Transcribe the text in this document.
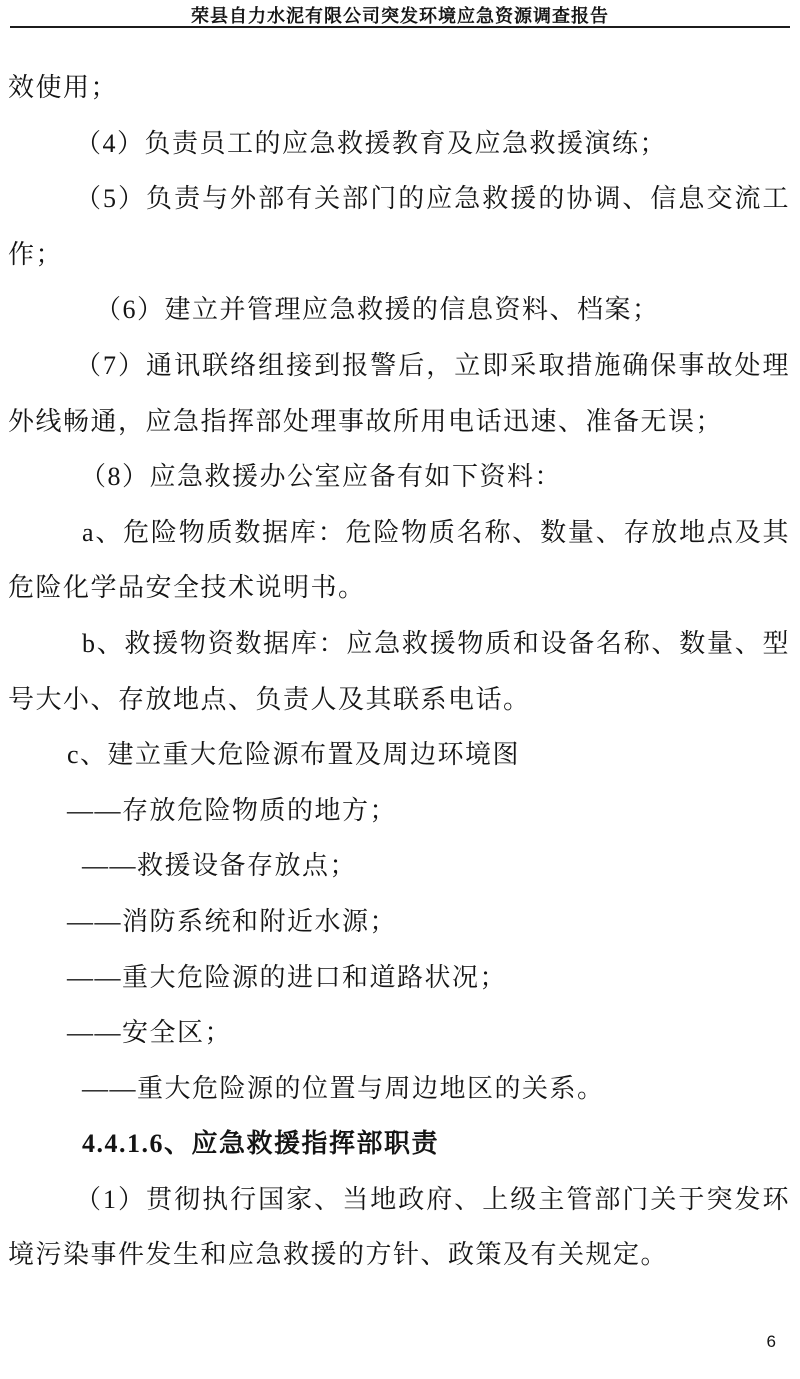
荣县自力水泥有限公司突发环境应急资源调查报告
效使用；
（4）负责员工的应急救援教育及应急救援演练；
（5）负责与外部有关部门的应急救援的协调、信息交流工
作；
（6）建立并管理应急救援的信息资料、档案；
（7）通讯联络组接到报警后，立即采取措施确保事故处理
外线畅通，应急指挥部处理事故所用电话迅速、准备无误；
（8）应急救援办公室应备有如下资料：
a、危险物质数据库：危险物质名称、数量、存放地点及其
危险化学品安全技术说明书。
b、救援物资数据库：应急救援物质和设备名称、数量、型
号大小、存放地点、负责人及其联系电话。
c、建立重大危险源布置及周边环境图
——存放危险物质的地方；
——救援设备存放点；
——消防系统和附近水源；
——重大危险源的进口和道路状况；
——安全区；
——重大危险源的位置与周边地区的关系。
4.4.1.6、应急救援指挥部职责
（1）贯彻执行国家、当地政府、上级主管部门关于突发环
境污染事件发生和应急救援的方针、政策及有关规定。
6
